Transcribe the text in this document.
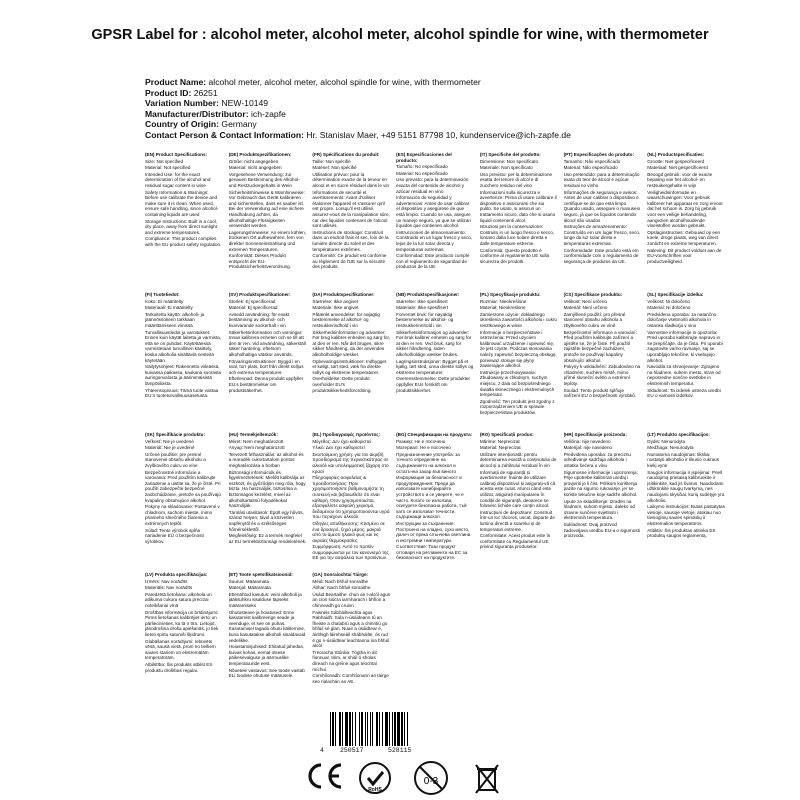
GPSR Label for : alcohol meter, alcohol meter, alcohol spindle for wine, with thermometer
Product Name: alcohol meter, alcohol meter, alcohol spindle for wine, with thermometer
Product ID: 26251
Variation Number: NEW-10149
Manufacturer/Distributor: ich-zapfe
Country of Origin: Germany
Contact Person & Contact Information: Hr. Stanislav Maer, +49 5151 87798 10, kundenservice@ich-zapfe.de
(EN) Product Specifications:
Size: Not specified
Material: Not specified
Intended Use: for the exact determination of the alcohol and residual sugar content in wine
Safety Information & Warnings: Before use calibrate the device and make sure it is clean. When used, ensure safe handling, since alcohol-containing liquids are used
Storage Instructions: Built in a cool, dry place, away from direct sunlight and extreme temperatures.
Compliance: This product complies with the EU product safety regulation.
(DE) Produktspezifikationen:
Größe: nicht angegeben
Material: nicht angegeben
Vorgesehene Verwendung: zur genauen Bestimmung des Alkohol- und Restzuckergehalts in Wein
Sicherheitshinweise & Warnhinweise: Vor Gebrauch das Gerät kalibrieren und sicherstellen, dass es sauber ist. Bei der Verwendung auf eine sichere Handhabung achten, da alkoholhaltige Flüssigkeiten verwendet werden.
Lagerungshinweise: An einem kühlen, trockenen Ort aufbewahren, fern von direkter Sonneneinstrahlung und extremen Temperaturen.
Konformität: Dieses Produkt entspricht der EU-Produktsicherheitsverordnung.
(FR) Spécifications du produit:
Taille: Non spécifié
Matériel: Non spécifié
Utilisation prévue: pour la détermination exacte de la teneur en alcool et en sucre résiduel dans le vin
Informations de sécurité et avertissements: Avant d'utiliser étalonner l'appareil et s'assurer qu'il est propre. Lorsqu'il est utilisé, assurez-vous de la manipulation sûre, car des liquides contenant de l'alcool sont utilisés.
Instructions de stockage: Construit dans un endroit frais et sec, loin de la lumière directe du soleil et des températures extrêmes.
Conformité: Ce produit est conforme au règlement de l'UE sur la sécurité des produits.
(ES) Especificaciones del producto:
Tamaño: No especificado
Material: No especificado
Uso previsto: para la determinación exacta del contenido de alcohol y azúcar residual en vino
Información de seguridad y advertencias: Antes de usar calibrar el dispositivo y asegúrese de que está limpio. Cuando se usa, asegure un manejo seguro, ya que se utilizan líquidos que contienen alcohol.
Instrucciones de almacenamiento: Construido en un lugar fresco y seco, lejos de la luz solar directa y temperaturas extremas.
Conformidad: Este producto cumple con el reglamento de seguridad de productos de la UE.
(IT) Specifiche del prodotto:
Dimensione: Non specificato
Materiale: Non specificato
Uso previsto: per la determinazione esatta del tenore di alcol e di zucchero residuo nel vino
Informazioni sulla sicurezza e avvertenze: Prima di usare calibrare il dispositivo e assicurarsi che sia pulito. Se usato, si assicuri un trattamento sicuro, dato che si usano liquidi contenenti alcol.
Istruzioni per la conservazione: Costruito in un luogo fresco e secco, lontano dalla luce solare diretta e dalle temperature estreme.
Conformità: Questo prodotto è conforme al regolamento UE sulla sicurezza dei prodotti.
(PT) Especificações do produto:
Tamanho: Não especificado
Material: Não especificado
Uso pretendido: para a determinação exata do teor de álcool e açúcar residual no vinho
Informações de segurança e avisos: Antes de usar calibrar o dispositivo e certifique-se de que está limpo. Quando usado, assegure o manuseio seguro, já que os líquidos contendo álcool são usados
Instruções de armazenamento: Construído em um lugar fresco, seco, longe da luz solar direta e temperaturas extremas.
Conformidade: Este produto está em conformidade com o regulamento de segurança de produtos da UE.
(NL) Productspecificaties:
Grootte: Niet gespecificeerd
Materiaal: Niet gespecificeerd
Beoogd gebruik: voor de exacte bepaling van het alcohol- en restsuikergehalte in wijn
Veiligheidsinformatie en waarschuwingen: Voor gebruik kalibreer het apparaat en zorg ervoor dat het schoon is. Zorg bij gebruik voor een veilige behandeling, aangezien alcoholhoudende vloeistoffen worden gebruikt.
Opslaginstructies: Gebouwd op een koele, droge plaats, weg van direct zonlicht en extreme temperaturen.
Naleving: Dit product voldoet aan de EU-voorschriften voor productveiligheid.
(FI) Tuotetiedot:
Koko: Ei määritelty
Materiaali: Ei määritelty
Tarkoitettu käyttö: alkoholi- ja jäännössokerin tarkkaan määrittämiseen viinissä
Turvallisuustiedot ja varoitukset: Ennen kuin käytät laitetta ja varmista, että se on puhdas. Käytettäessä varmistetaan turvallinen käsittely, koska alkoholia sisältäviä nesteitä käytetään.
Säilytysohjeet: Rakennettu viileässä, kuivassa paikassa, kaukana suorasta auringonvalosta ja äärimmäisistä lämpötiloista.
Yhteensopivuus: Tämä tuote vastaa EU:n tuoteturvallisuusasetusta.
(SV) Produktspecifikationer:
Storlek: Ej specificerad
Material: Ej specificerad
Avsedd användning: för exakt bestämning av alkohol- och kvarvarande sockerhalt i vin
Säkerhetsinformation och varningar: Innan kalibrera enheten och se till att den är ren. Vid användning, säkerställ säker hantering, eftersom alkoholhaltiga vätskor används.
Förvaringsinstruktioner: Byggd i en sval, torr plats, bort från direkt solljus och extrema temperaturer.
Efterlevnad: Denna produkt uppfyller EU:s bestämmelser om produktsäkerhet.
(DA) Produktspecifikationer:
Størrelse: Ikke angivet
Materiale: Ikke angivet
Påtænkt anvendelse: for nøjagtig bestemmelse af alkohol- og restsukkerindhold i vin
Sikkerhedsinformation og advarsler: Før brug kalibrer enheden og sørg for, at den er ren. Når det bruges, sikre sikker håndtering, da der anvendes alkoholholdige væsker.
Opbevaringsinstruktioner: Indbygget et køligt, tørt sted, væk fra direkte sollys og ekstreme temperaturer.
Overholdelse: Dette produkt overholder EU's produktsikkerhedsforordning.
(NB) Produktspesifikasjoner:
Størrelse: Ikke spesifisert
Materiale: Ikke spesifisert
Forventet bruk: for nøyaktig bestemmelse av alkohol- og restsukkerinnhold i vin
Sikkerhetsinformasjon og advarsler: Før bruk kalibrer enheten og sørg for at den er ren. Ved bruk, sørg for sikker håndtering, siden alkoholholdige væsker brukes.
Lagringsinstruksjoner: Bygget på et kjølig, tørt sted, unna direkte sollys og ekstreme temperaturer.
Overensstemmelse: Dette produktet oppfyller EUs forskrift om produktsikkerhet.
(PL) Specyfikacje produktu:
Rozmiar: Nieokreślone
Materiał: Nieokreślone
Zamierzone użycie: dokładnego określenia zawartości alkoholu i cukru resztkowego w winie
Informacje o bezpieczeństwie i ostrzeżenia: Przed użyciem kalibrować urządzenie i upewnić się, że jest czyste. Podczas stosowania należy zapewnić bezpieczną obsługę, ponieważ stosuje się płyny zawierające alkohol.
Instrukcje przechowywania: Zbudowany w chłodnym, suchym miejscu, z dala od bezpośredniego światła słonecznego i ekstremalnych temperatur.
Zgodność: Ten produkt jest zgodny z rozporządzeniem UE w sprawie bezpieczeństwa produktów.
(CS) Specifikace produktu:
Velikost: Není určeno
Materiál: Není určeno
Zamýšlené použití: pro přesné stanovení obsahu alkoholu a zbytkového cukru ve víně
Bezpečnostní informace a varování: Před použitím kalibrujte zařízení a ujistěte se, že je čisté. Při použití zajistěte bezpečné zacházení, protože se používají kapaliny obsahující alkohol.
Pokyny k uskladnění: Zabudováno na chladném, suchém místě, mimo přímé sluneční světlo a extrémní teploty.
Soulad: Tento produkt splňuje nařízení EU o bezpečnosti výrobků.
(SL) Specifikacije izdelka:
Velikost: Ni določeno
Material: Ni določeno
Predvidena uporaba: za natančno določanje vsebnosti alkohola in ostanka sladkorja v vinu
Varnostne informacije in opozorila: Pred uporabo kalibrirajte napravo in se prepričajte, da je čista. Pri uporabi zagotovite varno ravnanje, saj se uporabljajo tekočine, ki vsebujejo alkohol.
Navodila za shranjevanje: Zgrajeno na hladnem, suhem mestu, stran od neposredne sončne svetlobe in ekstremnih temperatur.
Skladnost: Ta izdelek ustreza uredbi EU o varnosti izdelkov.
(SK) Špecifikácie produktu:
Veľkosť: Nie je uvedené
Materiál: Nie je uvedené
Určené použitie: pre presné stanovenie obsahu alkoholu a zvyškového cukru vo víne
Bezpečnostné informácie a varovania: Pred použitím kalibrujte zariadenie a uistite sa, že je čisté. Pri použití zabezpečte bezpečné zaobchádzanie, pretože sa používajú kvapaliny obsahujúce alkohol.
Pokyny na skladovanie: Postavené v chladnom, suchom mieste, mimo priameho slnečného žiarenia a extrémnych teplôt.
Súlad: Tento výrobok spĺňa nariadenie EÚ o bezpečnosti výrobkov.
(HU) Termékjellemzők:
Méret: Nem meghatározott
Anyag: Nem meghatározott
Tervezett felhasználás: az alkohol és a maradék cukortartalom pontos meghatározása a borban
Biztonsági információk és figyelmeztetések: Mielőtt kalibrálja az eszközt, és győződjön meg róla, hogy tiszta. Ha használják, biztosítsa a biztonságos kezelést, mivel az alkoholtartalmú folyadékokat használják.
Tárolási utasítások: Épült egy hűvös, száraz helyen, távol a közvetlen napfénytől és a szélsőséges hőmérséklettől.
Megfelelőség: Ez a termék megfelel az EU termékbiztonsági rendeletének.
(EL) Προδιαγραφές προϊόντος:
Μέγεθος: Δεν έχει καθοριστεί
Υλικό: Δεν έχει καθοριστεί
Σκοπούμενη χρήση: για τον ακριβή προσδιορισμό της περιεκτικότητας σε αλκοόλ και υπολειμματική ζάχαρη στο κρασί
Πληροφορίες ασφαλείας & προειδοποιήσεις: Πριν χρησιμοποιήσετε βαθμονομήστε τη συσκευή και βεβαιωθείτε ότι είναι καθαρή. Όταν χρησιμοποιείται, εξασφαλίστε ασφαλή χειρισμό, δεδομένου ότι χρησιμοποιούνται υγρά που περιέχουν αλκοόλ.
Οδηγίες αποθήκευσης: Κτισμένο σε ένα δροσερό, ξηρό μέρος, μακριά από το άμεσο ηλιακό φως και τις ακραίες θερμοκρασίες.
Συμμόρφωση: Αυτό το προϊόν συμμορφώνεται με τον κανονισμό της ΕΕ για την ασφάλεια των προϊόντων.
(BG) Спецификации на продукта:
Размер: Не е посочено
Материал: Не е посочено
Предназначение употреба: за точното определяне на съдържанието на алкохол и остатъчна захар във виното
Информация за безопасност и предупреждения: Преди да използвате калибрирайте устройството и се уверете, че е чисто. Когато се използва, осигурете безопасна работа, тъй като се използват течности, съдържащи алкохол.
Инструкции за съхранение: Построено на хладно, сухо място, далеч от пряка слънчева светлина и екстремни температури.
Съответствие: Този продукт отговаря на регламента на ЕС за безопасност на продуктите.
(RO) Specificații produs:
Mărime: Neprecizat
Material: Neprecizat
Utilizare intenționată: pentru determinarea exactă a conținutului de alcool și a zahărului rezidual în vin
Informații de siguranță și avertismente: Înainte de utilizare calibrați dispozitivul și asigurați-vă că acesta este curat. Atunci când este utilizat, asigurați manipularea în condiții de siguranță, deoarece se folosesc lichide care conțin alcool.
Instrucțiuni de depozitare: Construit într-un loc răcoros, uscat, departe de lumina directă a soarelui și de temperaturi extreme.
Conformitate: Acest produs este în conformitate cu Regulamentul UE privind siguranța produselor.
(HR) Specifikacije proizvoda:
Veličina: nije navedeno
Materijal: nije navedeno
Predviđena uporaba: za preciznu određivanje sadržaja alkohola i ostatka šećera u vinu
Sigurnosne informacije i upozorenja: Prije upotrebe kalibrirati uređaj i provjeriti je li čist. Prilikom korištenja pazite na sigurno rukovanje, jer se koriste tekućine koje sadrže alkohol.
Upute za skladištenje: Izrađen na hladnom, suhom mjestu, daleko od izravne sunčeve svjetlosti i ekstremnih temperatura.
Sukladnost: Ovaj proizvod zadovoljava uredbu EU-a o sigurnosti proizvoda.
(LT) Produkto specifikacijos:
Dydis: Nenurodyta
Medžiaga: Nenurodyta
Numatoma naudojimas: tiksliai nustatyti alkoholio ir likusio cukraus kiekį vyne
Saugos informacija ir įspėjimai: Prieš naudojimą prietaisą kalibruokite ir įsitikinkite, kad jis švarus. Naudodami užtikrinkite saugų tvarkymą, nes naudojami skysčiai, kurių sudėtyje yra alkoholio.
Laikymo instrukcijos: Butas pastatytas vėsioje, sausoje vietoje, atokiau nuo tiesioginių saulės spindulių ir ekstremalios temperatūros.
Atitiktis: Šis produktas atitinka ES produktų saugos reglamentą.
(LV) Produkta specifikācijas:
Izmērs: Nav norādīts
Materiāls: Nav norādīts
Paredzētā lietošana: alkohola un atlikuma cukura satura precīzai noteikšanai vīnā
Drošības informācija un brīdinājumi: Pirms lietošanas kalibrējiet ierīci un pārliecinieties, ka tā ir tīra. Lietojot, jānodrošina droša apiešanās, jo tiek lietoti spirtu saturoši šķidrumi.
Glabāšanas norādījumi: Iebūvēts vēsā, sausā vietā, prom no tiešiem saules stariem un ekstremālām temperatūrām.
Atbilstība: Šis produkts atbilst ES produktu drošības regulai.
(ET) Toote spetsifikatsioonid:
Suurus: Määramata
Materjal: Määramata
Ettenähtud kasutus: veini alkoholi ja jääksuhkru sisalduse täpseks määramiseks
Ohutusteave ja hoiatused: Enne kasutamist kalibreerige seade ja veenduge, et see on puhas. Kasutamisel tagada ohutu käitlemine, kuna kasutatakse alkoholi sisaldavaid vedelikke.
Hoiustamisjuhised: Ehitatud jahedas, kuivas kohas, eemal otsese päikesevalguse ja äärmuslike temperatuuride eest.
Nõuetele vastavus: See toode vastab ELi toodete ohutuse määrusele.
(GA) Sonraíochtaí Táirge:
Méid: Nach bhfuil sonraithe
Ábhar: Nach bhfuil sonraithe
Úsáid Beartaithe: chun an t-alcól agus an cion siúcra iarmharach i bhfíon a chinneadh go cruinn
Faisnéis Sábháilteachta agus Rabhaidh: Sula n-úsáideann tú an fheiste a chalabrú agus a chinntiú go bhfuil sé glan. Nuair a úsáidtear é, áirithigh láimhseáil shábháilte, ós rud é go n-úsáidtear leachtanna ina bhfuil alcól
Treoracha Stórála: Tógtha in áit fionnuar, tirim, ar shiúl ó sholas díreach na gréine agus teochtaí míchuí.
Comhlíonadh: Comhlíonann an táirge seo rialachán an AE.
4 250517	528115
RoHS
0-3
